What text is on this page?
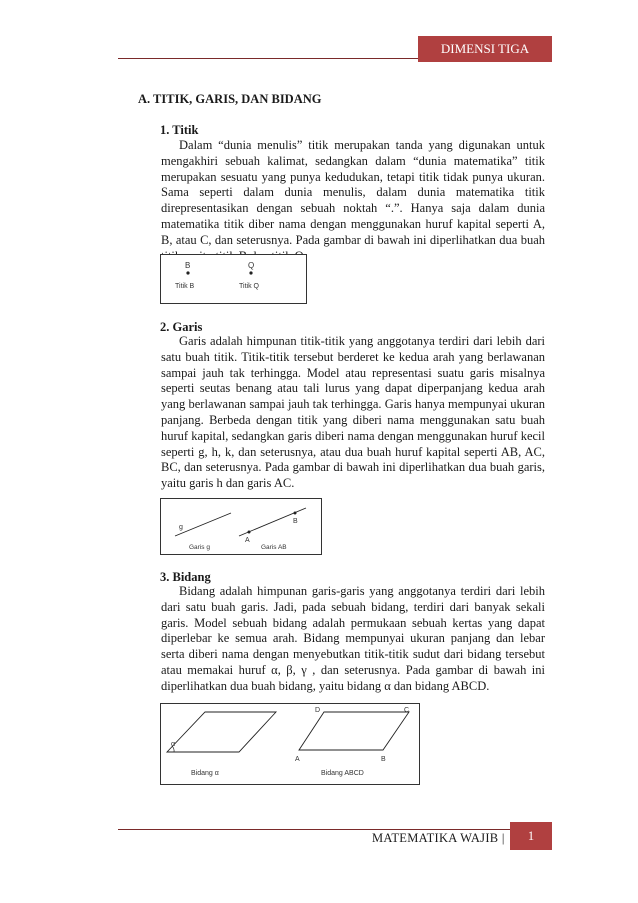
DIMENSI TIGA
A. TITIK, GARIS, DAN BIDANG
1. Titik

Dalam “dunia menulis” titik merupakan tanda yang digunakan untuk mengakhiri sebuah kalimat, sedangkan dalam “dunia matematika” titik merupakan sesuatu yang punya kedudukan, tetapi titik tidak punya ukuran. Sama seperti dalam dunia menulis, dalam dunia matematika titik direpresentasikan dengan sebuah noktah “.”. Hanya saja dalam dunia matematika titik diber nama dengan menggunakan huruf kapital seperti A, B, atau C, dan seterusnya. Pada gambar di bawah ini diperlihatkan dua buah

B	Q
Titik B	Titik Q
2. Garis

Garis adalah himpunan titik-titik yang anggotanya terdiri dari lebih dari satu buah titik. Titik-titik tersebut berderet ke kedua arah yang berlawanan sampai jauh tak terhingga. Model atau representasi suatu garis misalnya seperti seutas benang atau tali lurus yang dapat diperpanjang kedua arah yang berlawanan sampai jauh tak terhingga. Garis hanya mempunyai ukuran panjang. Berbeda dengan titik yang diberi nama menggunakan satu buah huruf kapital, sedangkan garis diberi nama dengan menggunakan huruf kecil seperti g, h, k, dan seterusnya, atau dua buah huruf kapital seperti AB, AC, BC, dan seterusnya. Pada gambar di bawah ini diperlihatkan dua buah garis, yaitu garis h dan garis AC.

g
A
B
Garis g	Garis AB
3. Bidang

Bidang adalah himpunan garis-garis yang anggotanya terdiri dari lebih dari satu buah garis. Jadi, pada sebuah bidang, terdiri dari banyak sekali garis. Model sebuah bidang adalah permukaan sebuah kertas yang dapat diperlebar ke semua arah. Bidang mempunyai ukuran panjang dan lebar serta diberi nama dengan menyebutkan titik-titik sudut dari bidang tersebut atau memakai huruf α, β, γ , dan seterusnya. Pada gambar di bawah ini diperlihatkan dua buah bidang, yaitu bidang α dan bidang ABCD.

α
A	B
C
D
Bidang α	Bidang ABCD
MATEMATIKA WAJIB |	1
